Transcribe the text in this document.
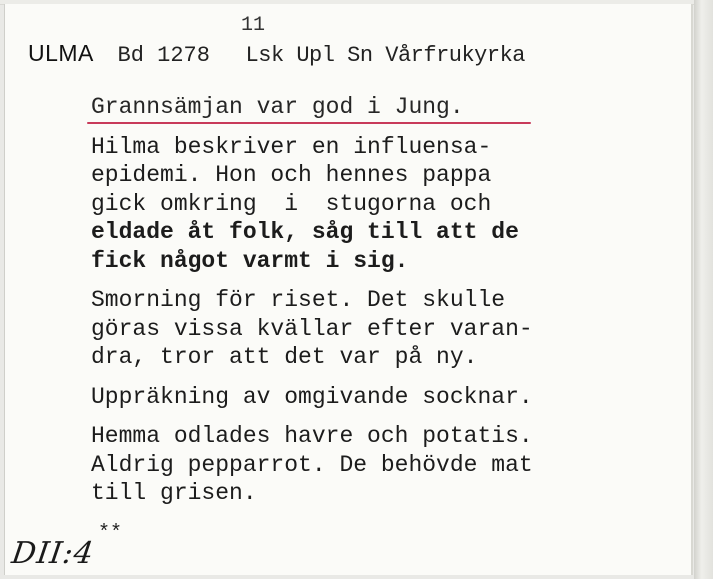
11
ULMA Bd 1278 Lsk Upl Sn Vårfrukyrka
Grannsämjan var god i Jung.
Hilma beskriver en influensa-
epidemi. Hon och hennes pappa
gick omkring  i  stugorna och
eldade åt folk, såg till att de
fick något varmt i sig.
Smorning för riset. Det skulle
göras vissa kvällar efter varan-
dra, tror att det var på ny.
Uppräkning av omgivande socknar.
Hemma odlades havre och potatis.
Aldrig pepparrot. De behövde mat
till grisen.
**
DII:4
